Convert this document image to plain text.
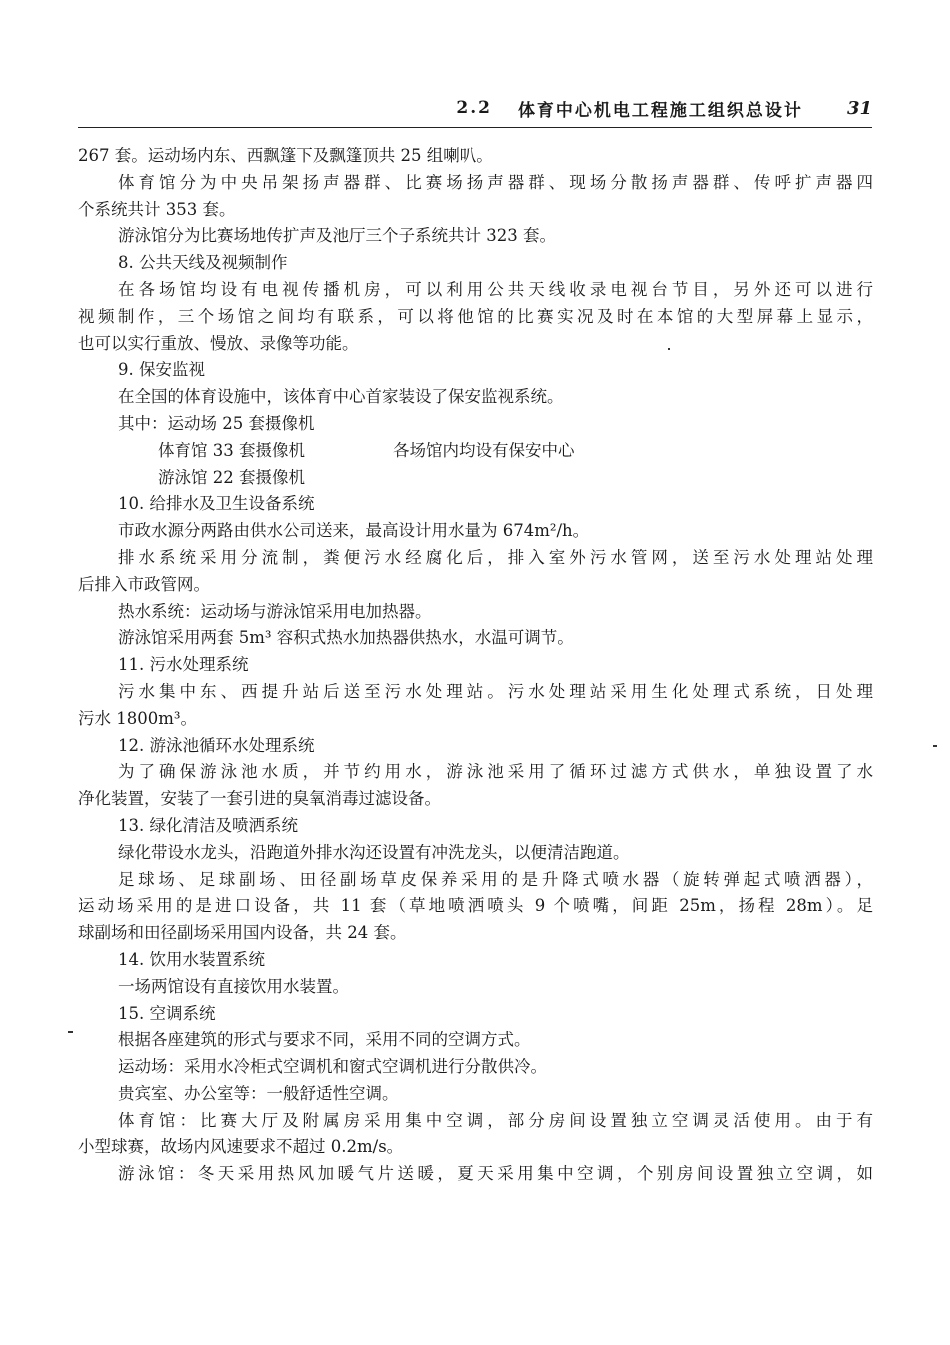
2.2 体育中心机电工程施工组织总设计 31
267 套。运动场内东、西飘篷下及飘篷顶共 25 组喇叭。
体育馆分为中央吊架扬声器群、比赛场扬声器群、现场分散扬声器群、传呼扩声器四
个系统共计 353 套。
游泳馆分为比赛场地传扩声及池厅三个子系统共计 323 套。
8. 公共天线及视频制作
在各场馆均设有电视传播机房，可以利用公共天线收录电视台节目，另外还可以进行
视频制作，三个场馆之间均有联系，可以将他馆的比赛实况及时在本馆的大型屏幕上显示，
也可以实行重放、慢放、录像等功能。
9. 保安监视
在全国的体育设施中，该体育中心首家装设了保安监视系统。
其中：运动场 25 套摄像机
体育馆 33 套摄像机	各场馆内均设有保安中心
游泳馆 22 套摄像机
10. 给排水及卫生设备系统
市政水源分两路由供水公司送来，最高设计用水量为 674m²/h。
排水系统采用分流制，粪便污水经腐化后，排入室外污水管网，送至污水处理站处理
后排入市政管网。
热水系统：运动场与游泳馆采用电加热器。
游泳馆采用两套 5m³ 容积式热水加热器供热水，水温可调节。
11. 污水处理系统
污水集中东、西提升站后送至污水处理站。污水处理站采用生化处理式系统，日处理
污水 1800m³。
12. 游泳池循环水处理系统
为了确保游泳池水质，并节约用水，游泳池采用了循环过滤方式供水，单独设置了水
净化装置，安装了一套引进的臭氧消毒过滤设备。
13. 绿化清洁及喷洒系统
绿化带设水龙头，沿跑道外排水沟还设置有冲洗龙头，以便清洁跑道。
足球场、足球副场、田径副场草皮保养采用的是升降式喷水器（旋转弹起式喷洒器），
运动场采用的是进口设备，共 11 套（草地喷洒喷头 9 个喷嘴，间距 25m，扬程 28m）。足
球副场和田径副场采用国内设备，共 24 套。
14. 饮用水装置系统
一场两馆设有直接饮用水装置。
15. 空调系统
根据各座建筑的形式与要求不同，采用不同的空调方式。
运动场：采用水冷柜式空调机和窗式空调机进行分散供冷。
贵宾室、办公室等：一般舒适性空调。
体育馆：比赛大厅及附属房采用集中空调，部分房间设置独立空调灵活使用。由于有
小型球赛，故场内风速要求不超过 0.2m/s。
游泳馆：冬天采用热风加暖气片送暖，夏天采用集中空调，个别房间设置独立空调，如
